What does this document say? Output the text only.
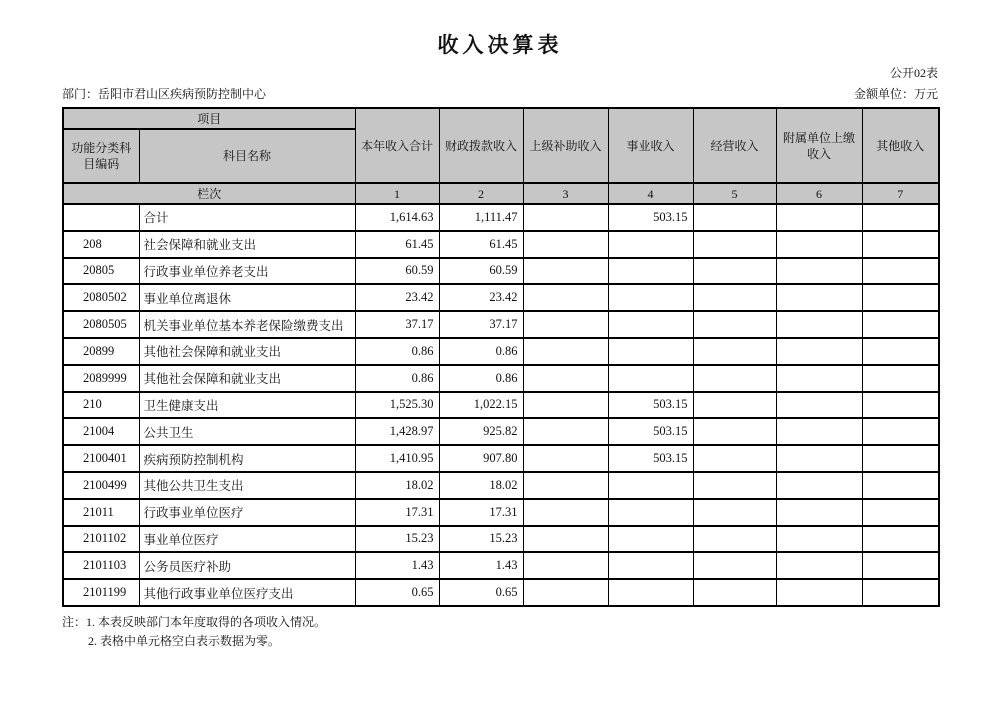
收入决算表
公开02表
部门：岳阳市君山区疾病预防控制中心	金额单位：万元
项目		本年收入合计	财政拨款收入	上级补助收入	事业收入	经营收入	附属单位上缴收入	其他收入
功能分类科目编码	科目名称							
栏次		1	2	3	4	5	6	7
	合计	1,614.63	1,111.47		503.15			
208	社会保障和就业支出	61.45	61.45					
20805	行政事业单位养老支出	60.59	60.59					
2080502	事业单位离退休	23.42	23.42					
2080505	机关事业单位基本养老保险缴费支出	37.17	37.17					
20899	其他社会保障和就业支出	0.86	0.86					
2089999	其他社会保障和就业支出	0.86	0.86					
210	卫生健康支出	1,525.30	1,022.15		503.15			
21004	公共卫生	1,428.97	925.82		503.15			
2100401	疾病预防控制机构	1,410.95	907.80		503.15			
2100499	其他公共卫生支出	18.02	18.02					
21011	行政事业单位医疗	17.31	17.31					
2101102	事业单位医疗	15.23	15.23					
2101103	公务员医疗补助	1.43	1.43					
2101199	其他行政事业单位医疗支出	0.65	0.65					
注：1. 本表反映部门本年度取得的各项收入情况。
2. 表格中单元格空白表示数据为零。
